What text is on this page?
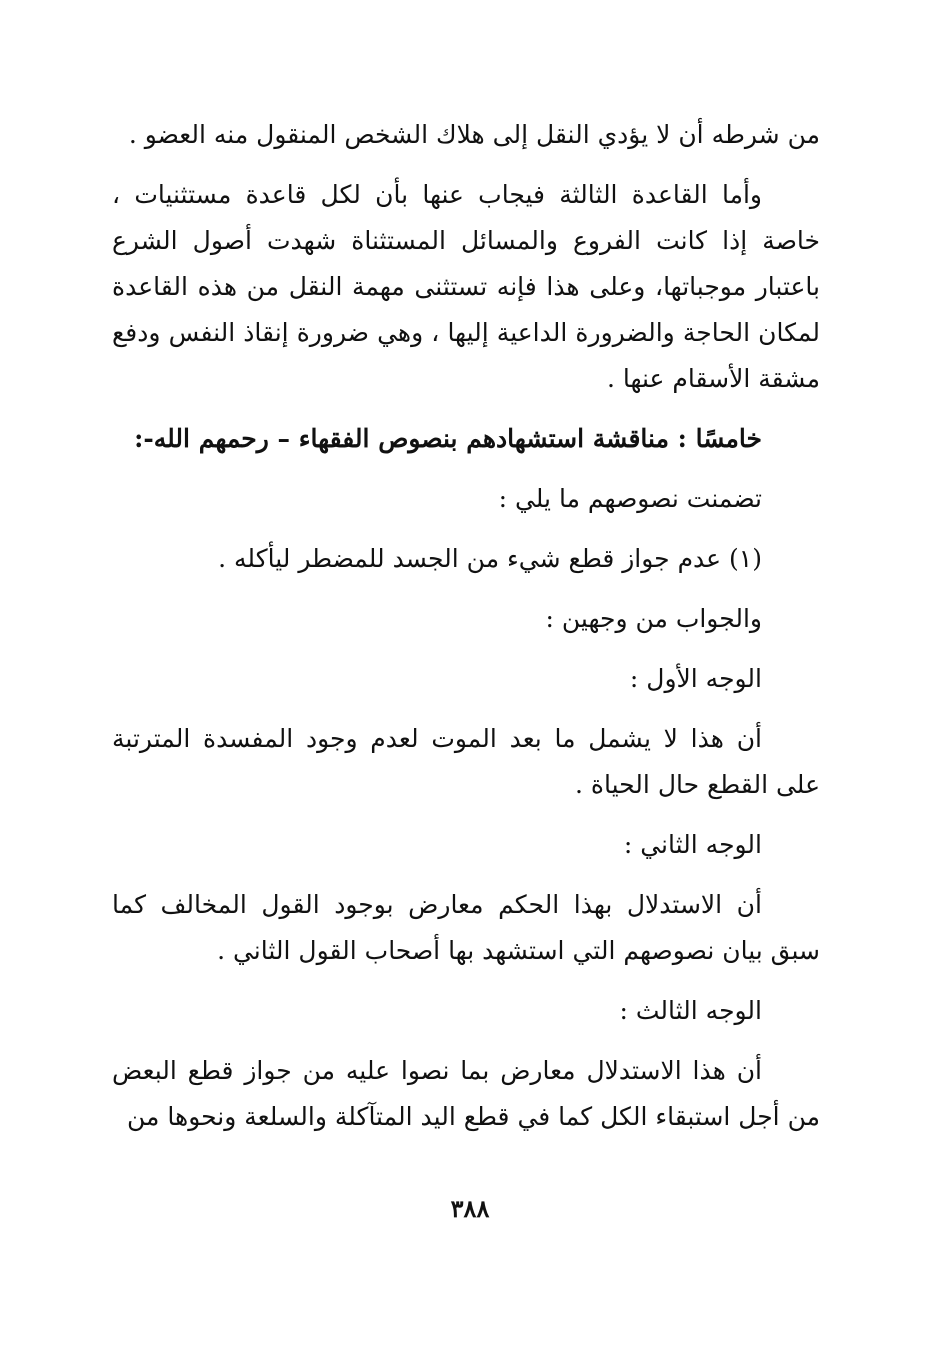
من شرطه أن لا يؤدي النقل إلى هلاك الشخص المنقول منه العضو .

وأما القاعدة الثالثة فيجاب عنها بأن لكل قاعدة مستثنيات ، خاصة إذا كانت الفروع والمسائل المستثناة شهدت أصول الشرع باعتبار موجباتها، وعلى هذا فإنه تستثنى مهمة النقل من هذه القاعدة لمكان الحاجة والضرورة الداعية إليها ، وهي ضرورة إنقاذ النفس ودفع مشقة الأسقام عنها .

خامسًا : مناقشة استشهادهم بنصوص الفقهاء – رحمهم الله-:

تضمنت نصوصهم ما يلي :

(١) عدم جواز قطع شيء من الجسد للمضطر ليأكله .

والجواب من وجهين :

الوجه الأول :

أن هذا لا يشمل ما بعد الموت لعدم وجود المفسدة المترتبة على القطع حال الحياة .

الوجه الثاني :

أن الاستدلال بهذا الحكم معارض بوجود القول المخالف كما سبق بيان نصوصهم التي استشهد بها أصحاب القول الثاني .

الوجه الثالث :

أن هذا الاستدلال معارض بما نصوا عليه من جواز قطع البعض من أجل استبقاء الكل كما في قطع اليد المتآكلة والسلعة ونحوها من

٣٨٨
